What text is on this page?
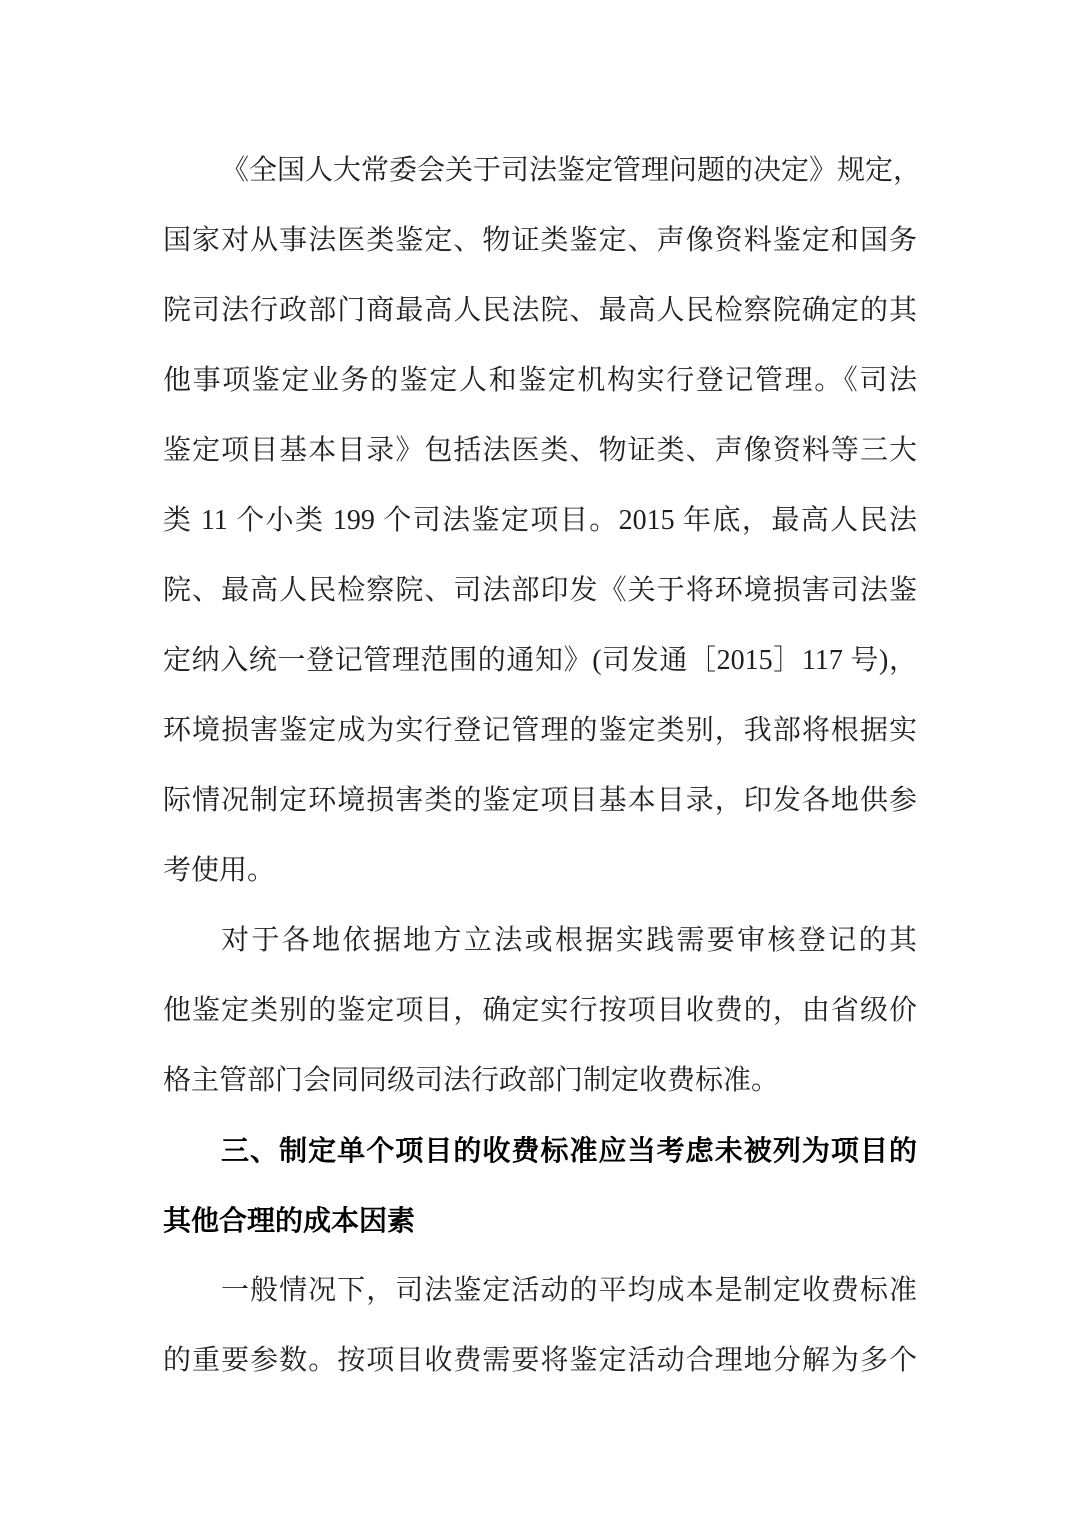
《全国人大常委会关于司法鉴定管理问题的决定》规定，
国家对从事法医类鉴定、物证类鉴定、声像资料鉴定和国务
院司法行政部门商最高人民法院、最高人民检察院确定的其
他事项鉴定业务的鉴定人和鉴定机构实行登记管理。《司法
鉴定项目基本目录》包括法医类、物证类、声像资料等三大
类 11 个小类 199 个司法鉴定项目。2015 年底，最高人民法
院、最高人民检察院、司法部印发《关于将环境损害司法鉴
定纳入统一登记管理范围的通知》(司发通［2015］117 号)，
环境损害鉴定成为实行登记管理的鉴定类别，我部将根据实
际情况制定环境损害类的鉴定项目基本目录，印发各地供参
考使用。
对于各地依据地方立法或根据实践需要审核登记的其
他鉴定类别的鉴定项目，确定实行按项目收费的，由省级价
格主管部门会同同级司法行政部门制定收费标准。
三、制定单个项目的收费标准应当考虑未被列为项目的
其他合理的成本因素
一般情况下，司法鉴定活动的平均成本是制定收费标准
的重要参数。按项目收费需要将鉴定活动合理地分解为多个
